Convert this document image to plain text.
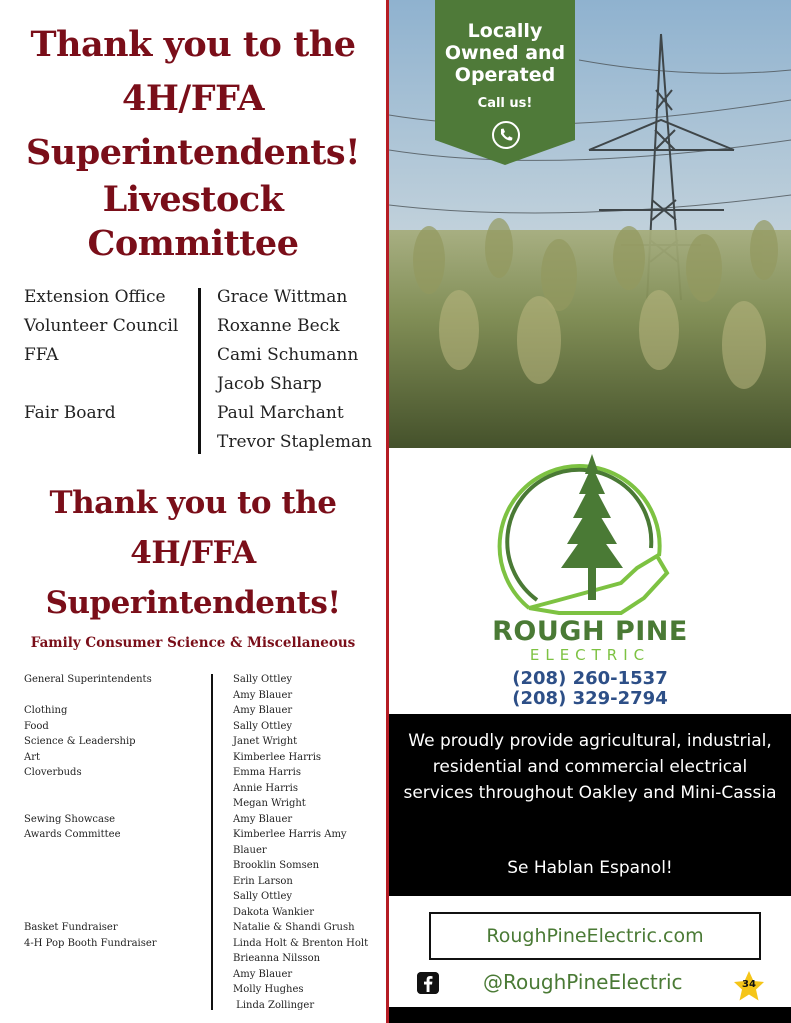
Thank you to the
4H/FFA
Superintendents!
Livestock
Committee
Extension Office
Volunteer Council
FFA
Fair Board
Grace Wittman
Roxanne Beck
Cami Schumann
Jacob Sharp
Paul Marchant
Trevor Stapleman
Thank you to the
4H/FFA
Superintendents!
Family Consumer Science & Miscellaneous
General Superintendents
Clothing
Food
Science & Leadership
Art
Cloverbuds
Sewing Showcase
Awards Committee
Basket Fundraiser
4-H Pop Booth Fundraiser
Sally Ottley
Amy Blauer
Amy Blauer
Sally Ottley
Janet Wright
Kimberlee Harris
Emma Harris
Annie Harris
Megan Wright
Amy Blauer
Kimberlee Harris Amy
Blauer
Brooklin Somsen
Erin Larson
Sally Ottley
Dakota Wankier
Natalie & Shandi Grush
Linda Holt & Brenton Holt
Brieanna Nilsson
Amy Blauer
Molly Hughes
Linda Zollinger
Locally
Owned and
Operated
Call us!
ROUGH PINE
ELECTRIC
(208) 260-1537
(208) 329-2794
We proudly provide agricultural, industrial, residential and commercial electrical services throughout Oakley and Mini-Cassia
Se Hablan Espanol!
RoughPineElectric.com
@RoughPineElectric	34
